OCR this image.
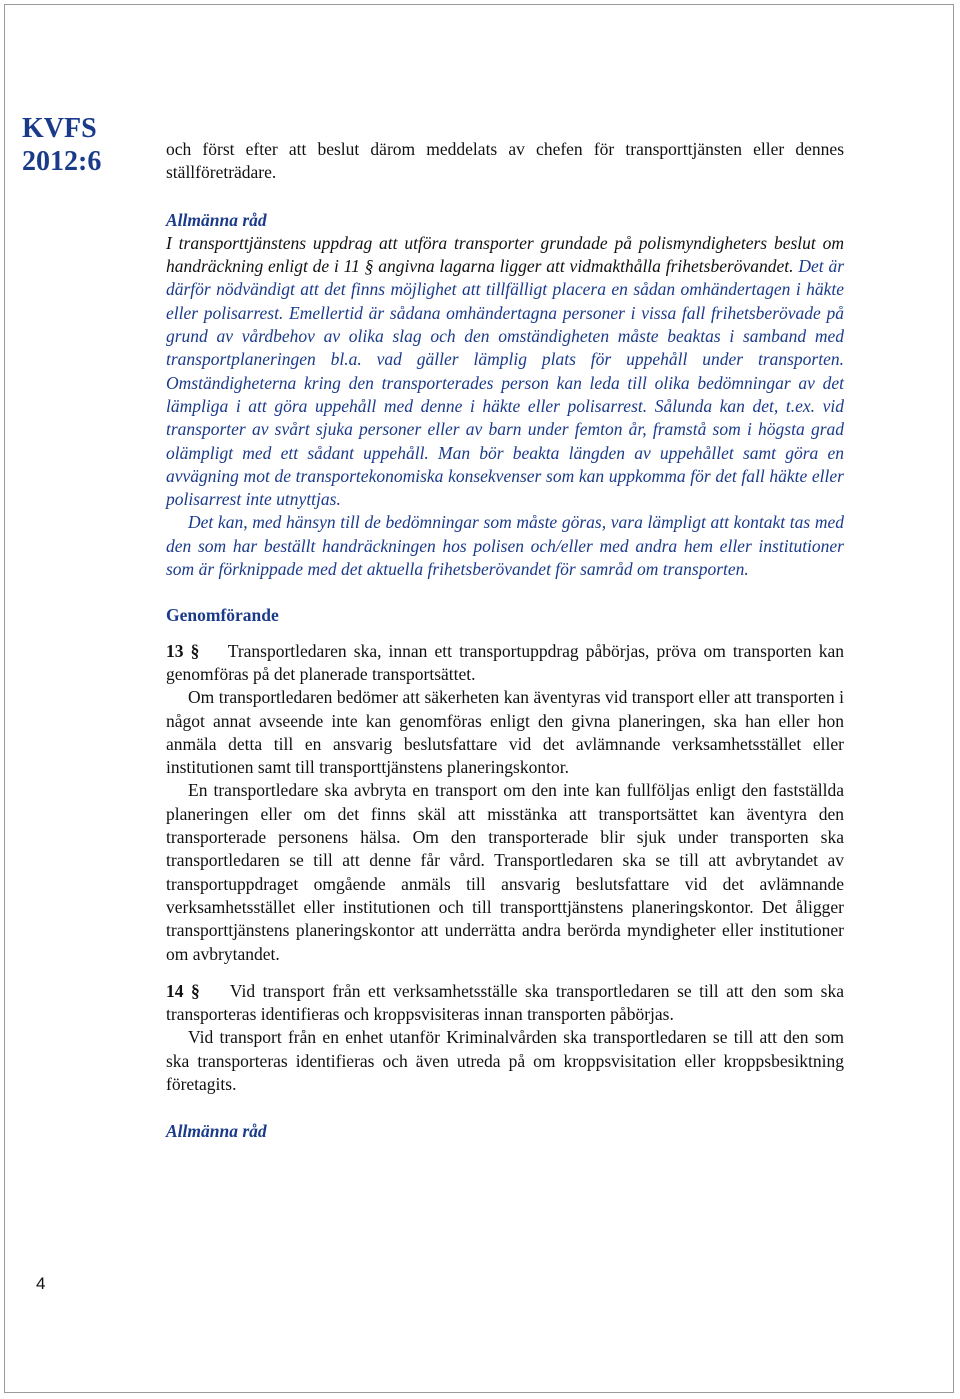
KVFS
2012:6	och först efter att beslut därom meddelats av chefen för transporttjänsten eller dennes ställföreträdare.

Allmänna råd

I transporttjänstens uppdrag att utföra transporter grundade på polismyndigheters beslut om handräckning enligt de i 11 § angivna lagarna ligger att vidmakthålla frihetsberövandet. Det är därför nödvändigt att det finns möjlighet att tillfälligt placera en sådan omhändertagen i häkte eller polisarrest. Emellertid är sådana omhändertagna personer i vissa fall frihetsberövade på grund av vårdbehov av olika slag och den omständigheten måste beaktas i samband med transportplaneringen bl.a. vad gäller lämplig plats för uppehåll under transporten. Omständigheterna kring den transporterades person kan leda till olika bedömningar av det lämpliga i att göra uppehåll med denne i häkte eller polisarrest. Sålunda kan det, t.ex. vid transporter av svårt sjuka personer eller av barn under femton år, framstå som i högsta grad olämpligt med ett sådant uppehåll. Man bör beakta längden av uppehållet samt göra en avvägning mot de transportekonomiska konsekvenser som kan uppkomma för det fall häkte eller polisarrest inte utnyttjas.

Det kan, med hänsyn till de bedömningar som måste göras, vara lämpligt att kontakt tas med den som har beställt handräckningen hos polisen och/eller med andra hem eller institutioner som är förknippade med det aktuella frihetsberövandet för samråd om transporten.

Genomförande

13 § Transportledaren ska, innan ett transportuppdrag påbörjas, pröva om transporten kan genomföras på det planerade transportsättet.

Om transportledaren bedömer att säkerheten kan äventyras vid transport eller att transporten i något annat avseende inte kan genomföras enligt den givna planeringen, ska han eller hon anmäla detta till en ansvarig beslutsfattare vid det avlämnande verksamhetsstället eller institutionen samt till transporttjänstens planeringskontor.

En transportledare ska avbryta en transport om den inte kan fullföljas enligt den fastställda planeringen eller om det finns skäl att misstänka att transportsättet kan äventyra den transporterade personens hälsa. Om den transporterade blir sjuk under transporten ska transportledaren se till att denne får vård. Transportledaren ska se till att avbrytandet av transportuppdraget omgående anmäls till ansvarig beslutsfattare vid det avlämnande verksamhetsstället eller institutionen och till transporttjänstens planeringskontor. Det åligger transporttjänstens planeringskontor att underrätta andra berörda myndigheter eller institutioner om avbrytandet.

14 § Vid transport från ett verksamhetsställe ska transportledaren se till att den som ska transporteras identifieras och kroppsvisiteras innan transporten påbörjas.

Vid transport från en enhet utanför Kriminalvården ska transportledaren se till att den som ska transporteras identifieras och även utreda på om kroppsvisitation eller kroppsbesiktning företagits.

Allmänna råd

4
